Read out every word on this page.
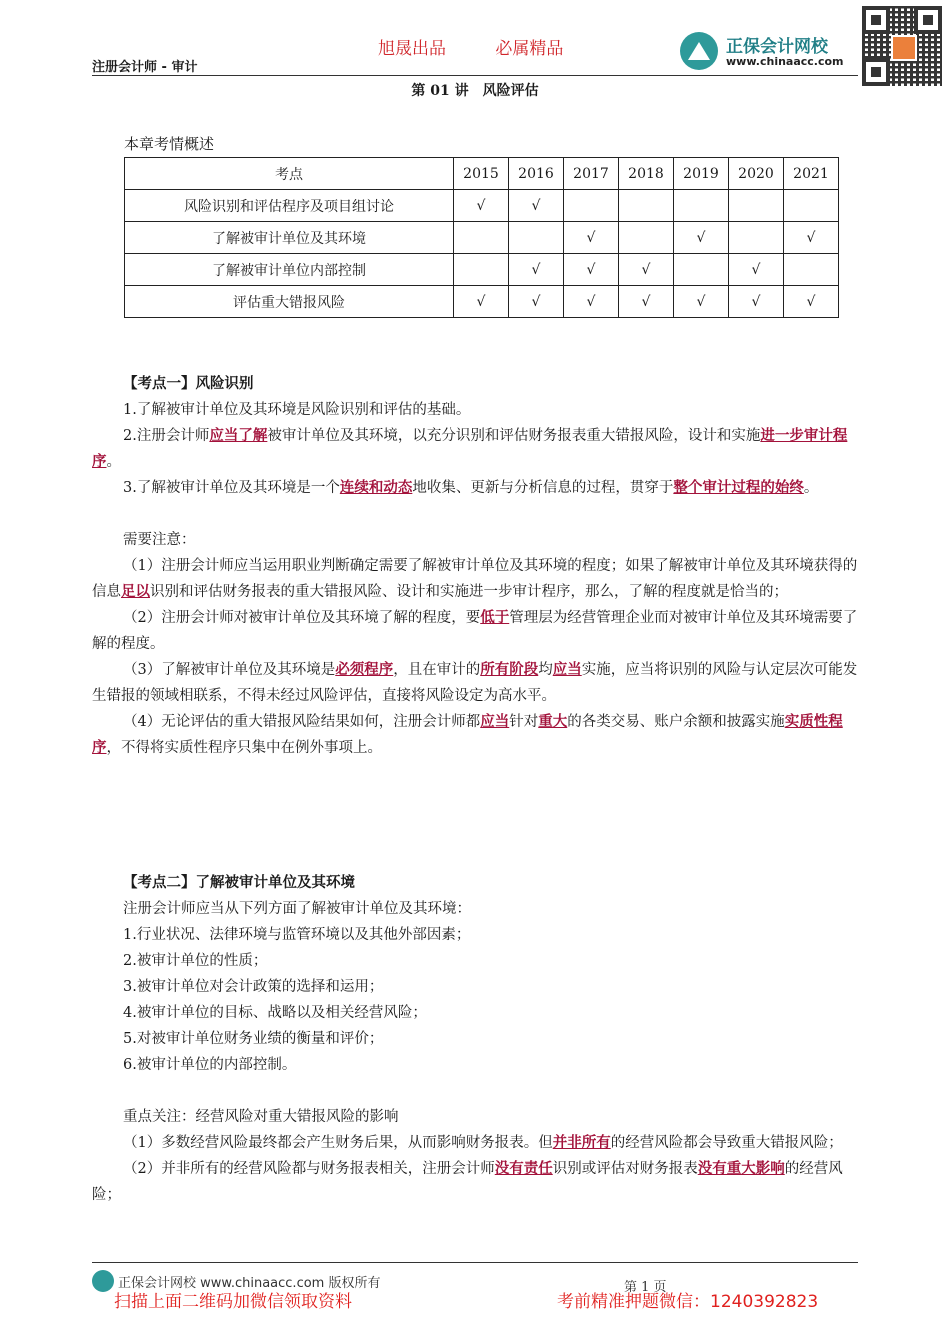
旭晟出品	必属精品
注册会计师 - 审计
正保会计网校
www.chinaacc.com
第 01 讲　风险评估
本章考情概述
考点	2015	2016	2017	2018	2019	2020	2021
风险识别和评估程序及项目组讨论	√	√					
了解被审计单位及其环境			√		√		√
了解被审计单位内部控制		√	√	√		√	
评估重大错报风险	√	√	√	√	√	√	√

【考点一】风险识别

1.了解被审计单位及其环境是风险识别和评估的基础。

2.注册会计师应当了解被审计单位及其环境，以充分识别和评估财务报表重大错报风险，设计和实施进一步审计程序。

3.了解被审计单位及其环境是一个连续和动态地收集、更新与分析信息的过程，贯穿于整个审计过程的始终。

需要注意：

（1）注册会计师应当运用职业判断确定需要了解被审计单位及其环境的程度；如果了解被审计单位及其环境获得的信息足以识别和评估财务报表的重大错报风险、设计和实施进一步审计程序，那么，了解的程度就是恰当的；

（2）注册会计师对被审计单位及其环境了解的程度，要低于管理层为经营管理企业而对被审计单位及其环境需要了解的程度。

（3）了解被审计单位及其环境是必须程序，且在审计的所有阶段均应当实施，应当将识别的风险与认定层次可能发生错报的领域相联系，不得未经过风险评估，直接将风险设定为高水平。

（4）无论评估的重大错报风险结果如何，注册会计师都应当针对重大的各类交易、账户余额和披露实施实质性程序，不得将实质性程序只集中在例外事项上。

【考点二】了解被审计单位及其环境

注册会计师应当从下列方面了解被审计单位及其环境：

1.行业状况、法律环境与监管环境以及其他外部因素；

2.被审计单位的性质；

3.被审计单位对会计政策的选择和运用；

4.被审计单位的目标、战略以及相关经营风险；

5.对被审计单位财务业绩的衡量和评价；

6.被审计单位的内部控制。

重点关注：经营风险对重大错报风险的影响

（1）多数经营风险最终都会产生财务后果，从而影响财务报表。但并非所有的经营风险都会导致重大错报风险；

（2）并非所有的经营风险都与财务报表相关，注册会计师没有责任识别或评估对财务报表没有重大影响的经营风险；

正保会计网校 www.chinaacc.com 版权所有	第 1 页
扫描上面二维码加微信领取资料	考前精准押题微信：1240392823
